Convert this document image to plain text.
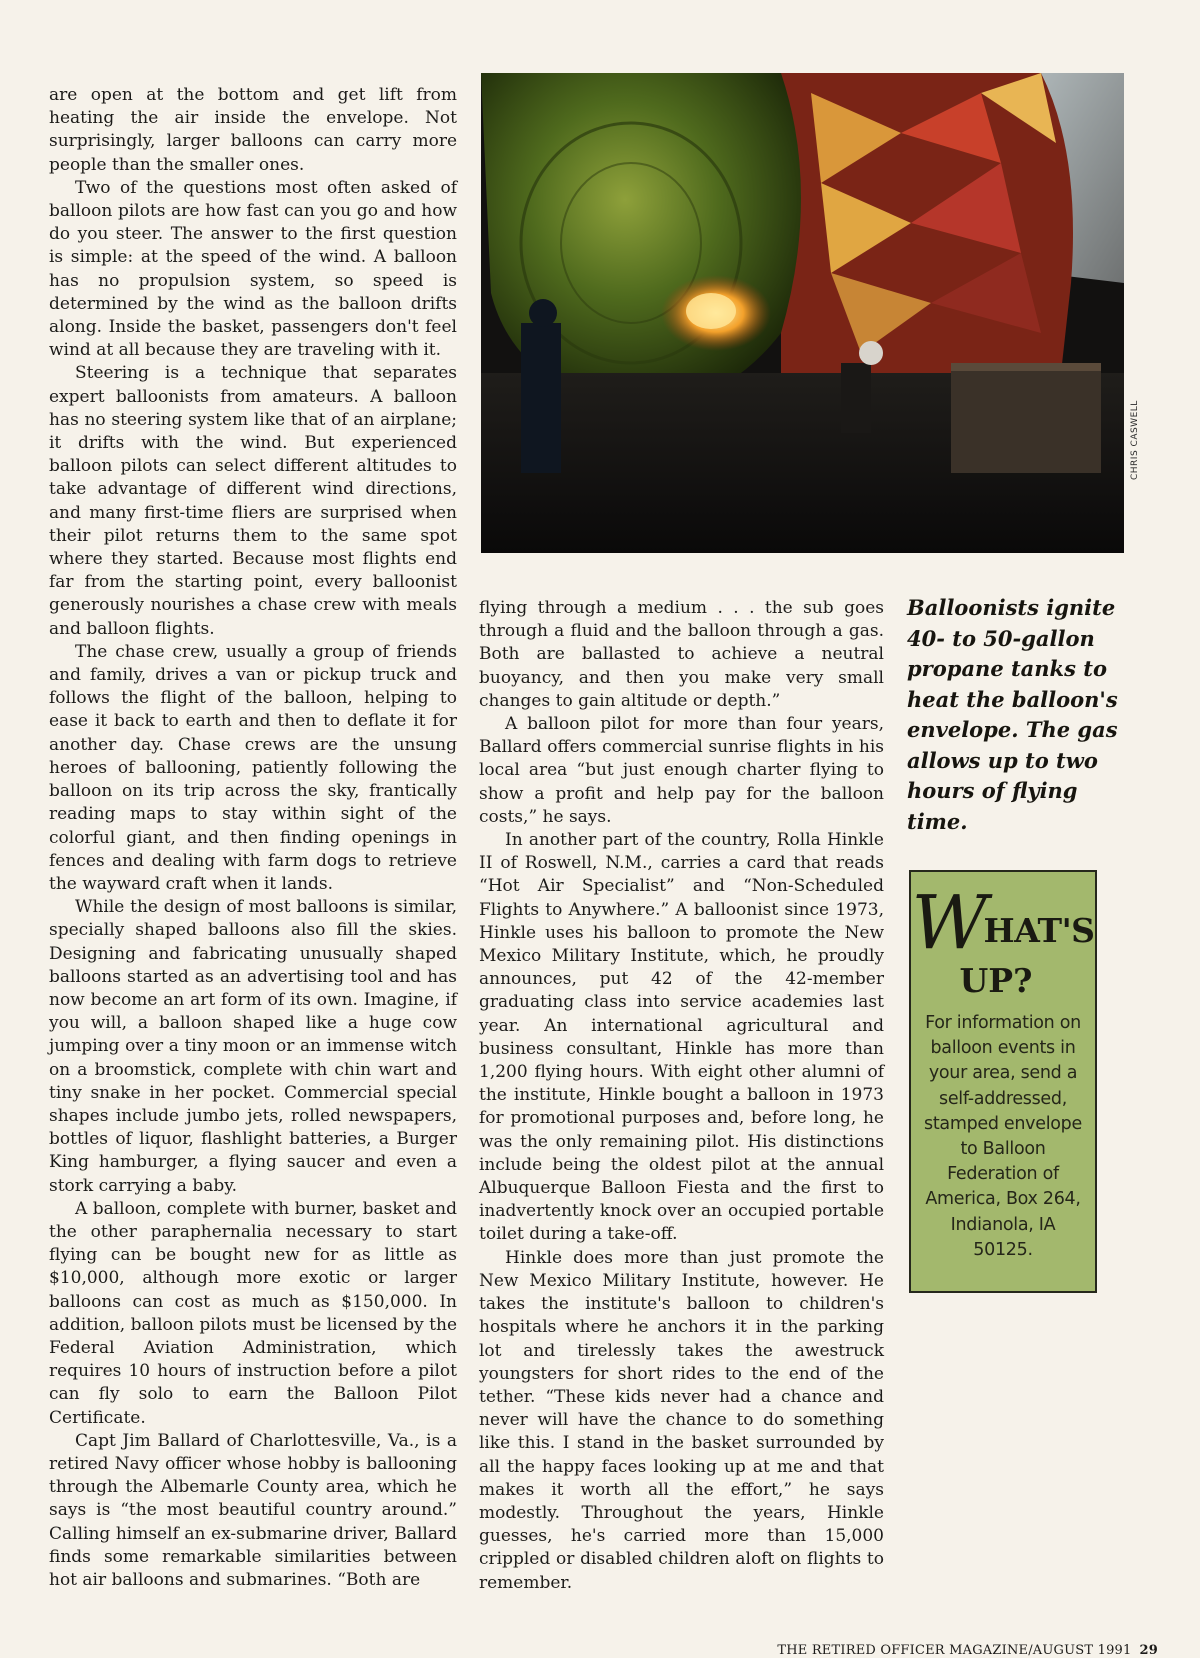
are open at the bottom and get lift from heating the air inside the envelope. Not surprisingly, larger balloons can carry more people than the smaller ones.

Two of the questions most often asked of balloon pilots are how fast can you go and how do you steer. The answer to the first question is simple: at the speed of the wind. A balloon has no propulsion system, so speed is determined by the wind as the balloon drifts along. Inside the basket, passengers don't feel wind at all because they are traveling with it.

Steering is a technique that separates expert balloonists from amateurs. A balloon has no steering system like that of an airplane; it drifts with the wind. But experienced balloon pilots can select different altitudes to take advantage of different wind directions, and many first-time fliers are surprised when their pilot returns them to the same spot where they started. Because most flights end far from the starting point, every balloonist generously nourishes a chase crew with meals and balloon flights.

The chase crew, usually a group of friends and family, drives a van or pickup truck and follows the flight of the balloon, helping to ease it back to earth and then to deflate it for another day. Chase crews are the unsung heroes of ballooning, patiently following the balloon on its trip across the sky, frantically reading maps to stay within sight of the colorful giant, and then finding openings in fences and dealing with farm dogs to retrieve the wayward craft when it lands.

While the design of most balloons is similar, specially shaped balloons also fill the skies. Designing and fabricating unusually shaped balloons started as an advertising tool and has now become an art form of its own. Imagine, if you will, a balloon shaped like a huge cow jumping over a tiny moon or an immense witch on a broomstick, complete with chin wart and tiny snake in her pocket. Commercial special shapes include jumbo jets, rolled newspapers, bottles of liquor, flashlight batteries, a Burger King hamburger, a flying saucer and even a stork carrying a baby.

A balloon, complete with burner, basket and the other paraphernalia necessary to start flying can be bought new for as little as $10,000, although more exotic or larger balloons can cost as much as $150,000. In addition, balloon pilots must be licensed by the Federal Aviation Administration, which requires 10 hours of instruction before a pilot can fly solo to earn the Balloon Pilot Certificate.

Capt Jim Ballard of Charlottesville, Va., is a retired Navy officer whose hobby is ballooning through the Albemarle County area, which he says is “the most beautiful country around.” Calling himself an ex-submarine driver, Ballard finds some remarkable similarities between hot air balloons and submarines. “Both are

CHRIS CASWELL

flying through a medium . . . the sub goes through a fluid and the balloon through a gas. Both are ballasted to achieve a neutral buoyancy, and then you make very small changes to gain altitude or depth.”

A balloon pilot for more than four years, Ballard offers commercial sunrise flights in his local area “but just enough charter flying to show a profit and help pay for the balloon costs,” he says.

In another part of the country, Rolla Hinkle II of Roswell, N.M., carries a card that reads “Hot Air Specialist” and “Non-Scheduled Flights to Anywhere.” A balloonist since 1973, Hinkle uses his balloon to promote the New Mexico Military Institute, which, he proudly announces, put 42 of the 42-member graduating class into service academies last year. An international agricultural and business consultant, Hinkle has more than 1,200 flying hours. With eight other alumni of the institute, Hinkle bought a balloon in 1973 for promotional purposes and, before long, he was the only remaining pilot. His distinctions include being the oldest pilot at the annual Albuquerque Balloon Fiesta and the first to inadvertently knock over an occupied portable toilet during a take-off.

Hinkle does more than just promote the New Mexico Military Institute, however. He takes the institute's balloon to children's hospitals where he anchors it in the parking lot and tirelessly takes the awestruck youngsters for short rides to the end of the tether. “These kids never had a chance and never will have the chance to do something like this. I stand in the basket surrounded by all the happy faces looking up at me and that makes it worth all the effort,” he says modestly. Throughout the years, Hinkle guesses, he's carried more than 15,000 crippled or disabled children aloft on flights to remember.

Balloonists ignite 40- to 50-gallon propane tanks to heat the balloon's envelope. The gas allows up to two hours of flying time.
WHAT'S
UP?
For information on balloon events in your area, send a self-addressed, stamped envelope to Balloon Federation of America, Box 264, Indianola, IA 50125.
THE RETIRED OFFICER MAGAZINE/AUGUST 1991 29
